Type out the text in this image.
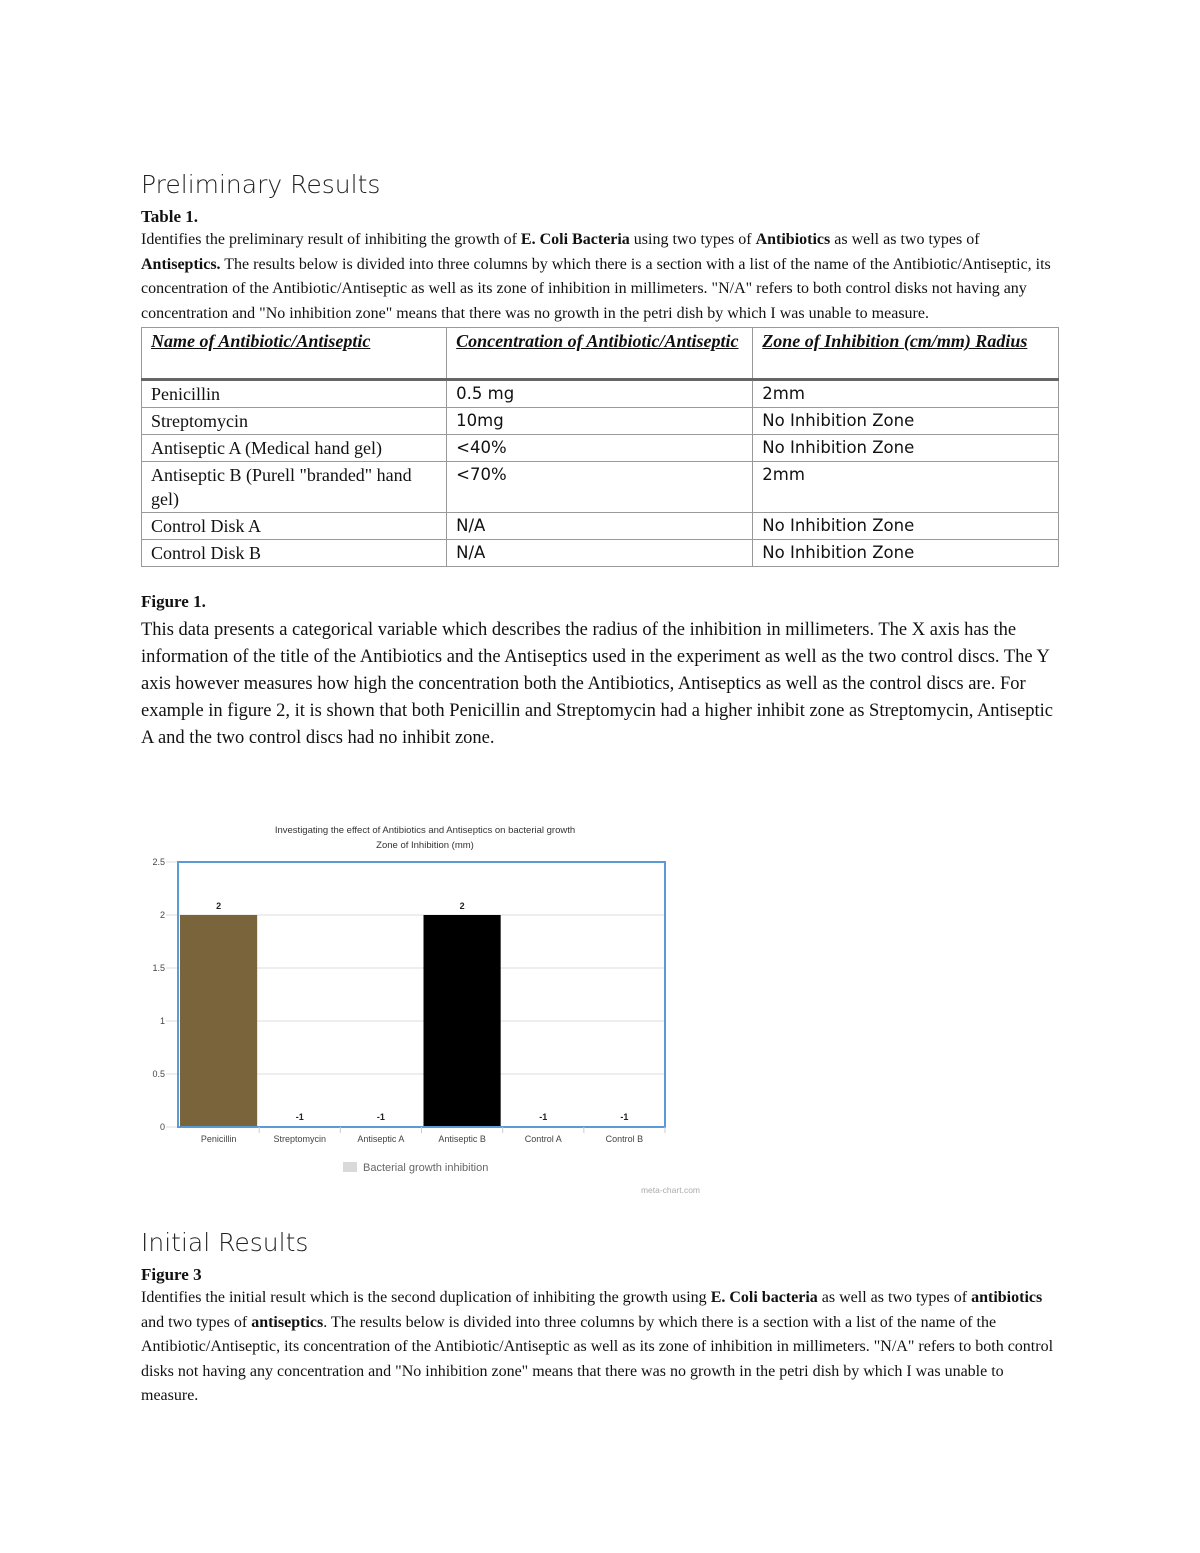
Preliminary Results

Table 1.

Identifies the preliminary result of inhibiting the growth of E. Coli Bacteria using two types of Antibiotics as well as two types of Antiseptics. The results below is divided into three columns by which there is a section with a list of the name of the Antibiotic/Antiseptic, its concentration of the Antibiotic/Antiseptic as well as its zone of inhibition in millimeters. "N/A" refers to both control disks not having any concentration and "No inhibition zone" means that there was no growth in the petri dish by which I was unable to measure.

Name of Antibiotic/Antiseptic	Concentration of Antibiotic/Antiseptic	Zone of Inhibition (cm/mm) Radius
Penicillin	0.5 mg	2mm
Streptomycin	10mg	No Inhibition Zone
Antiseptic A (Medical hand gel)	<40%	No Inhibition Zone
Antiseptic B (Purell "branded" hand gel)	<70%	2mm
Control Disk A	N/A	No Inhibition Zone
Control Disk B	N/A	No Inhibition Zone

Figure 1.

This data presents a categorical variable which describes the radius of the inhibition in millimeters. The X axis has the information of the title of the Antibiotics and the Antiseptics used in the experiment as well as the two control discs. The Y axis however measures how high the concentration both the Antibiotics, Antiseptics as well as the control discs are. For example in figure 2, it is shown that both Penicillin and Streptomycin had a higher inhibit zone as Streptomycin, Antiseptic A and the two control discs had no inhibit zone.

Investigating the effect of Antibiotics and Antiseptics on bacterial growth
Zone of Inhibition (mm)
0
0.5
1
1.5
2
2.5
2
-1	-1
2
-1	-1
Penicillin	Streptomycin	Antiseptic A	Antiseptic B	Control A	Control B
Bacterial growth inhibition
meta-chart.com
Initial Results

Figure 3

Identifies the initial result which is the second duplication of inhibiting the growth using E. Coli bacteria as well as two types of antibiotics and two types of antiseptics. The results below is divided into three columns by which there is a section with a list of the name of the Antibiotic/Antiseptic, its concentration of the Antibiotic/Antiseptic as well as its zone of inhibition in millimeters. "N/A" refers to both control disks not having any concentration and "No inhibition zone" means that there was no growth in the petri dish by which I was unable to measure.
